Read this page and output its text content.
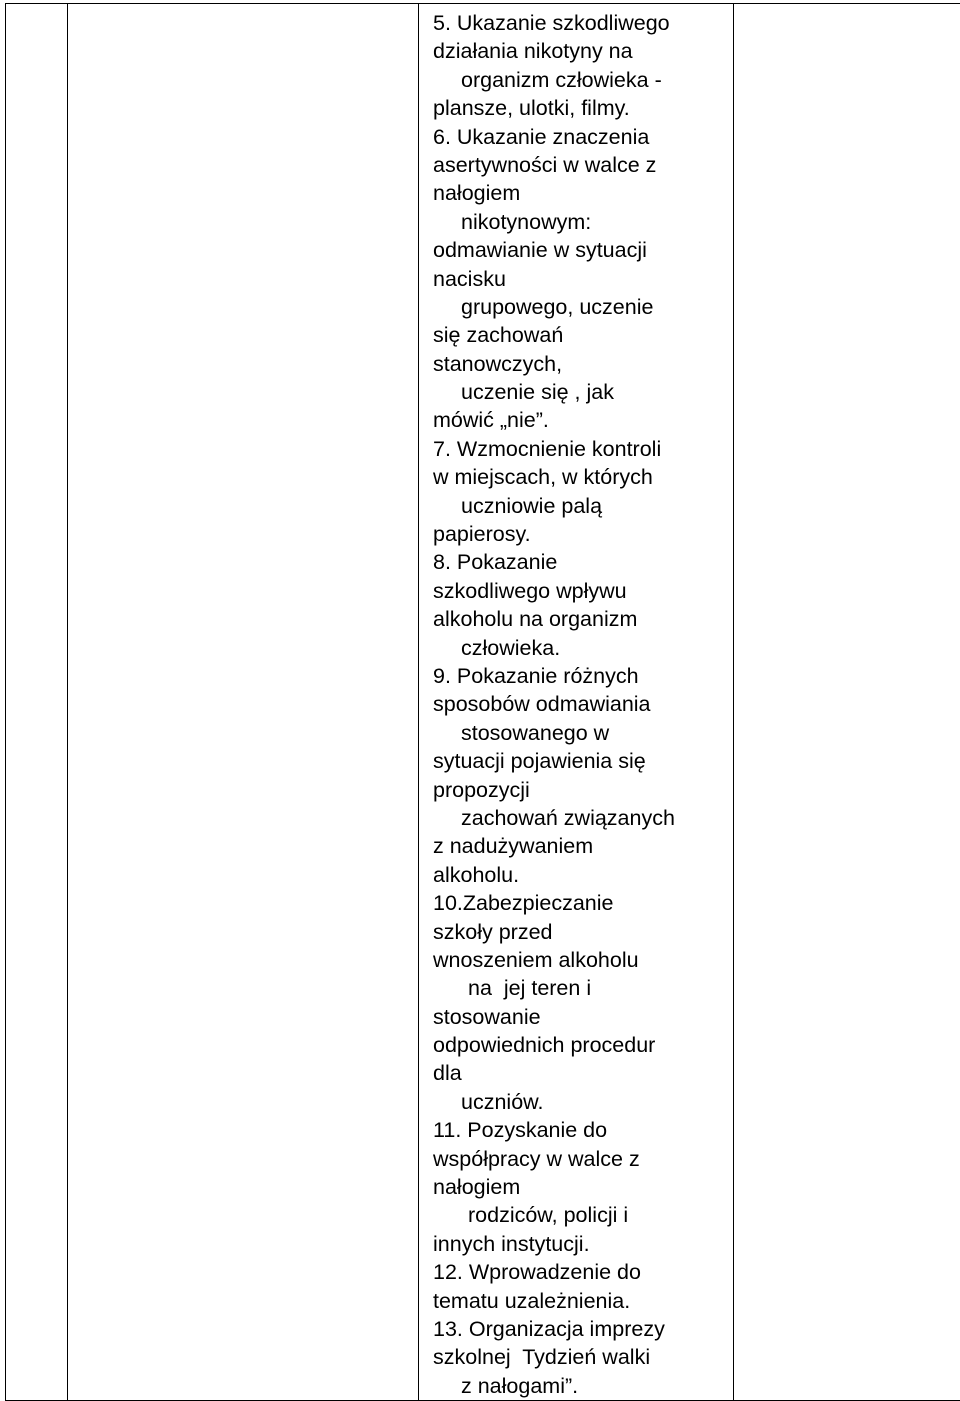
5. Ukazanie szkodliwego
działania nikotyny na
organizm człowieka -
plansze, ulotki, filmy.
6. Ukazanie znaczenia
asertywności w walce z
nałogiem
nikotynowym:
odmawianie w sytuacji
nacisku
grupowego, uczenie
się zachowań
stanowczych,
uczenie się , jak
mówić „nie”.
7. Wzmocnienie kontroli
w miejscach, w których
uczniowie palą
papierosy.
8. Pokazanie
szkodliwego wpływu
alkoholu na organizm
człowieka.
9. Pokazanie różnych
sposobów odmawiania
stosowanego w
sytuacji pojawienia się
propozycji
zachowań związanych
z nadużywaniem
alkoholu.
10.Zabezpieczanie
szkoły przed
wnoszeniem alkoholu
na  jej teren i
stosowanie
odpowiednich procedur
dla
uczniów.
11. Pozyskanie do
współpracy w walce z
nałogiem
rodziców, policji i
innych instytucji.
12. Wprowadzenie do
tematu uzależnienia.
13. Organizacja imprezy
szkolnej  Tydzień walki
z nałogami”.
